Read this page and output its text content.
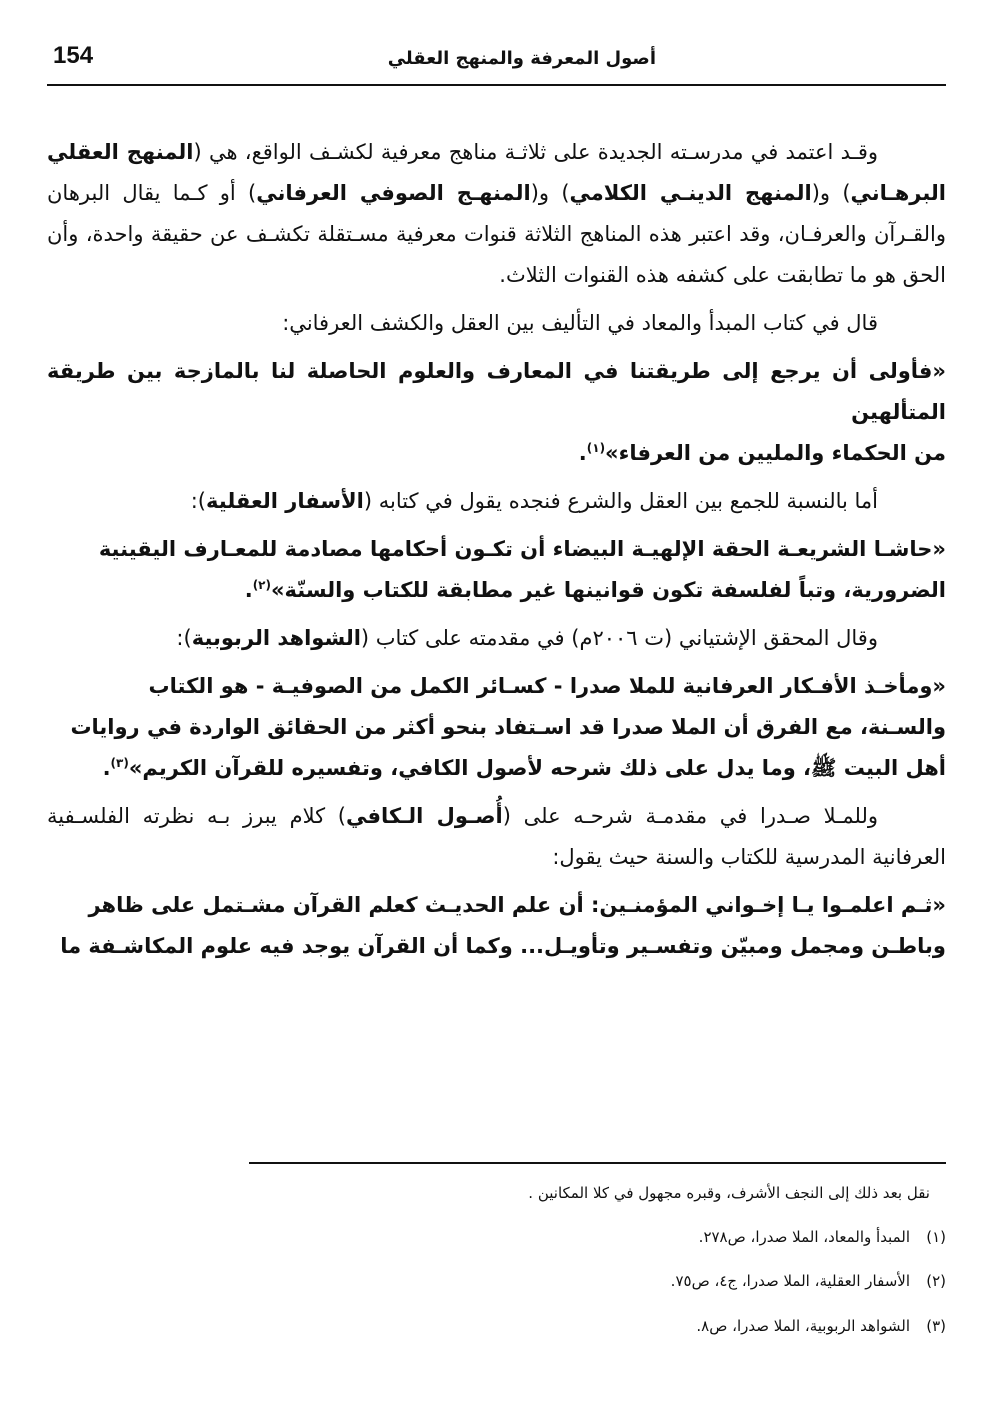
أصول المعرفة والمنهج العقلي
154

وقـد اعتمد في مدرسـته الجديدة على ثلاثـة مناهج معرفية لكشـف الواقع، هي (المنهج العقلي البرهـاني) و(المنهج الدينـي الكلامي) و(المنهـج الصوفي العرفاني) أو كـما يقال البرهان والقـرآن والعرفـان، وقد اعتبر هذه المناهج الثلاثة قنوات معرفية مسـتقلة تكشـف عن حقيقة واحدة، وأن الحق هو ما تطابقت على كشفه هذه القنوات الثلاث.

قال في كتاب المبدأ والمعاد في التأليف بين العقل والكشف العرفاني:

«فأولى أن يرجع إلى طريقتنا في المعارف والعلوم الحاصلة لنا بالمازجة بين طريقة المتألهين
من الحكماء والمليين من العرفاء»$^{(١)}$.

أما بالنسبة للجمع بين العقل والشرع فنجده يقول في كتابه (الأسفار العقلية):

«حاشـا الشريعـة الحقة الإلهيـة البيضاء أن تكـون أحكامها مصادمة للمعـارف اليقينية
الضرورية، وتباً لفلسفة تكون قوانينها غير مطابقة للكتاب والسنّة»$^{(٢)}$.

وقال المحقق الإشتياني (ت ٢٠٠٦م) في مقدمته على كتاب (الشواهد الربوبية):

«ومأخـذ الأفـكار العرفانية للملا صدرا - كسـائر الكمل من الصوفيـة - هو الكتاب
والسـنة، مع الفرق أن الملا صدرا قد اسـتفاد بنحو أكثر من الحقائق الواردة في روايات
أهل البيت ﷺ، وما يدل على ذلك شرحه لأصول الكافي، وتفسيره للقرآن الكريم»$^{(٣)}$.

وللمـلا صـدرا في مقدمـة شرحـه على (أُصـول الـكافي) كلام يبرز بـه نظرته الفلسـفية العرفانية المدرسية للكتاب والسنة حيث يقول:

«ثـم اعلمـوا يـا إخـواني المؤمنـين: أن علم الحديـث كعلم القرآن مشـتمل على ظاهر
وباطـن ومجمل ومبيّن وتفسـير وتأويـل... وكما أن القرآن يوجد فيه علوم المكاشـفة ما

نقل بعد ذلك إلى النجف الأشرف، وقبره مجهول في كلا المكانين .
(١)المبدأ والمعاد، الملا صدرا، ص٢٧٨.
(٢)الأسفار العقلية، الملا صدرا، ج٤، ص٧٥.
(٣)الشواهد الربوبية، الملا صدرا، ص٨.
